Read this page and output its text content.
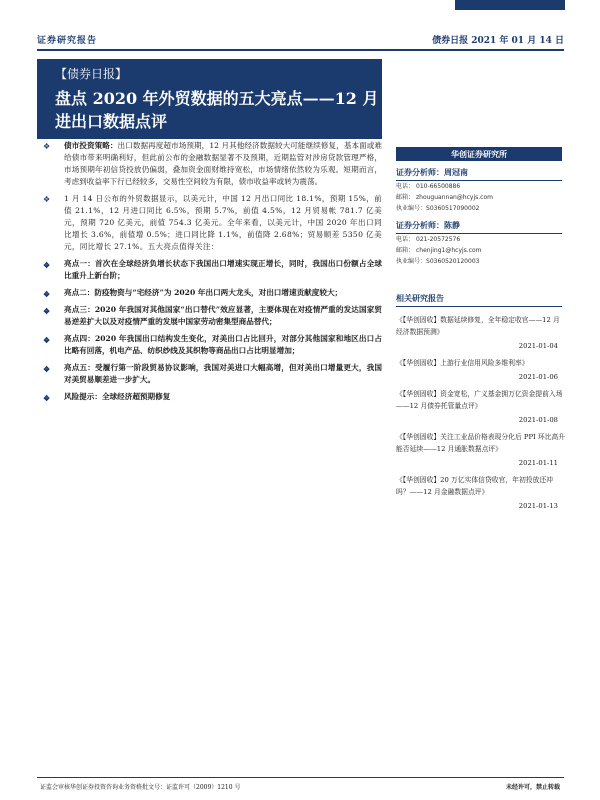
证券研究报告	债券日报 2021 年 01 月 14 日
【债券日报】
盘点 2020 年外贸数据的五大亮点——12 月进出口数据点评
❖ 债市投资策略：出口数据再度超市场预期，12 月其他经济数据较大可能继续修复，基本面或难给债市带来明确利好，但此前公布的金融数据显著不及预期，近期监管对涉房贷款管理严格，市场预期年初信贷投放仍偏弱，叠加资金面财维持宽松，市场情绪依然较为乐观。短期而言，考虑到收益率下行已经较多，交易性空间较为有限，债市收益率或转为震荡。
❖ 1 月 14 日公布的外贸数据显示，以美元计，中国 12 月出口同比 18.1%，预期 15%，前值 21.1%，12 月进口同比 6.5%，预期 5.7%，前值 4.5%，12 月贸易帐 781.7 亿美元，预期 720 亿美元，前值 754.3 亿美元。全年来看，以美元计，中国 2020 年出口同比增长 3.6%，前值增 0.5%；进口同比降 1.1%，前值降 2.68%；贸易顺差 5350 亿美元，同比增长 27.1%。五大亮点值得关注：
❖ 亮点一：首次在全球经济负增长状态下我国出口增速实现正增长，同时，我国出口份额占全球比重升上新台阶；
❖ 亮点二：防疫物资与“宅经济”为 2020 年出口两大龙头，对出口增速贡献度较大；
❖ 亮点三：2020 年我国对其他国家“出口替代”效应显著，主要体现在对疫情严重的发达国家贸易逆差扩大以及对疫情严重的发展中国家劳动密集型商品替代；
❖ 亮点四：2020 年我国出口结构发生变化，对美出口占比回升，对部分其他国家和地区出口占比略有回落，机电产品、纺织纱线及其织物等商品出口占比明显增加；
❖ 亮点五：受履行第一阶段贸易协议影响，我国对美进口大幅高增，但对美出口增量更大，我国对美贸易顺差进一步扩大。
❖ 风险提示：全球经济超预期修复
华创证券研究所
证券分析师：周冠南
电话： 010-66500886
邮箱： zhouguannan@hcyjs.com
执业编号：S0360517090002
证券分析师：陈静
电话： 021-20572576
邮箱： chenjing1@hcyjs.com
执业编号：S0360520120003
相关研究报告
《【华创固收】数据延续修复，全年稳定收官——12 月经济数据预测》
2021-01-04
《【华创固收】上游行业信用风险多维利率》
2021-01-06
《【华创固收】资金宽松，广义基金拥万亿资金提前入场——12 月债券托管量点评》
2021-01-08
《【华创固收】关注工业品价格表现分化后 PPI 环比高升能否延续——12 月通胀数据点评》
2021-01-11
《【华创固收】20 万亿实体信贷收官，年初投放还冲吗？——12 月金融数据点评》
2021-01-13
证监会审核华创证券投资咨询业务资格批文号：证监许可（2009）1210 号	未经许可，禁止转载
